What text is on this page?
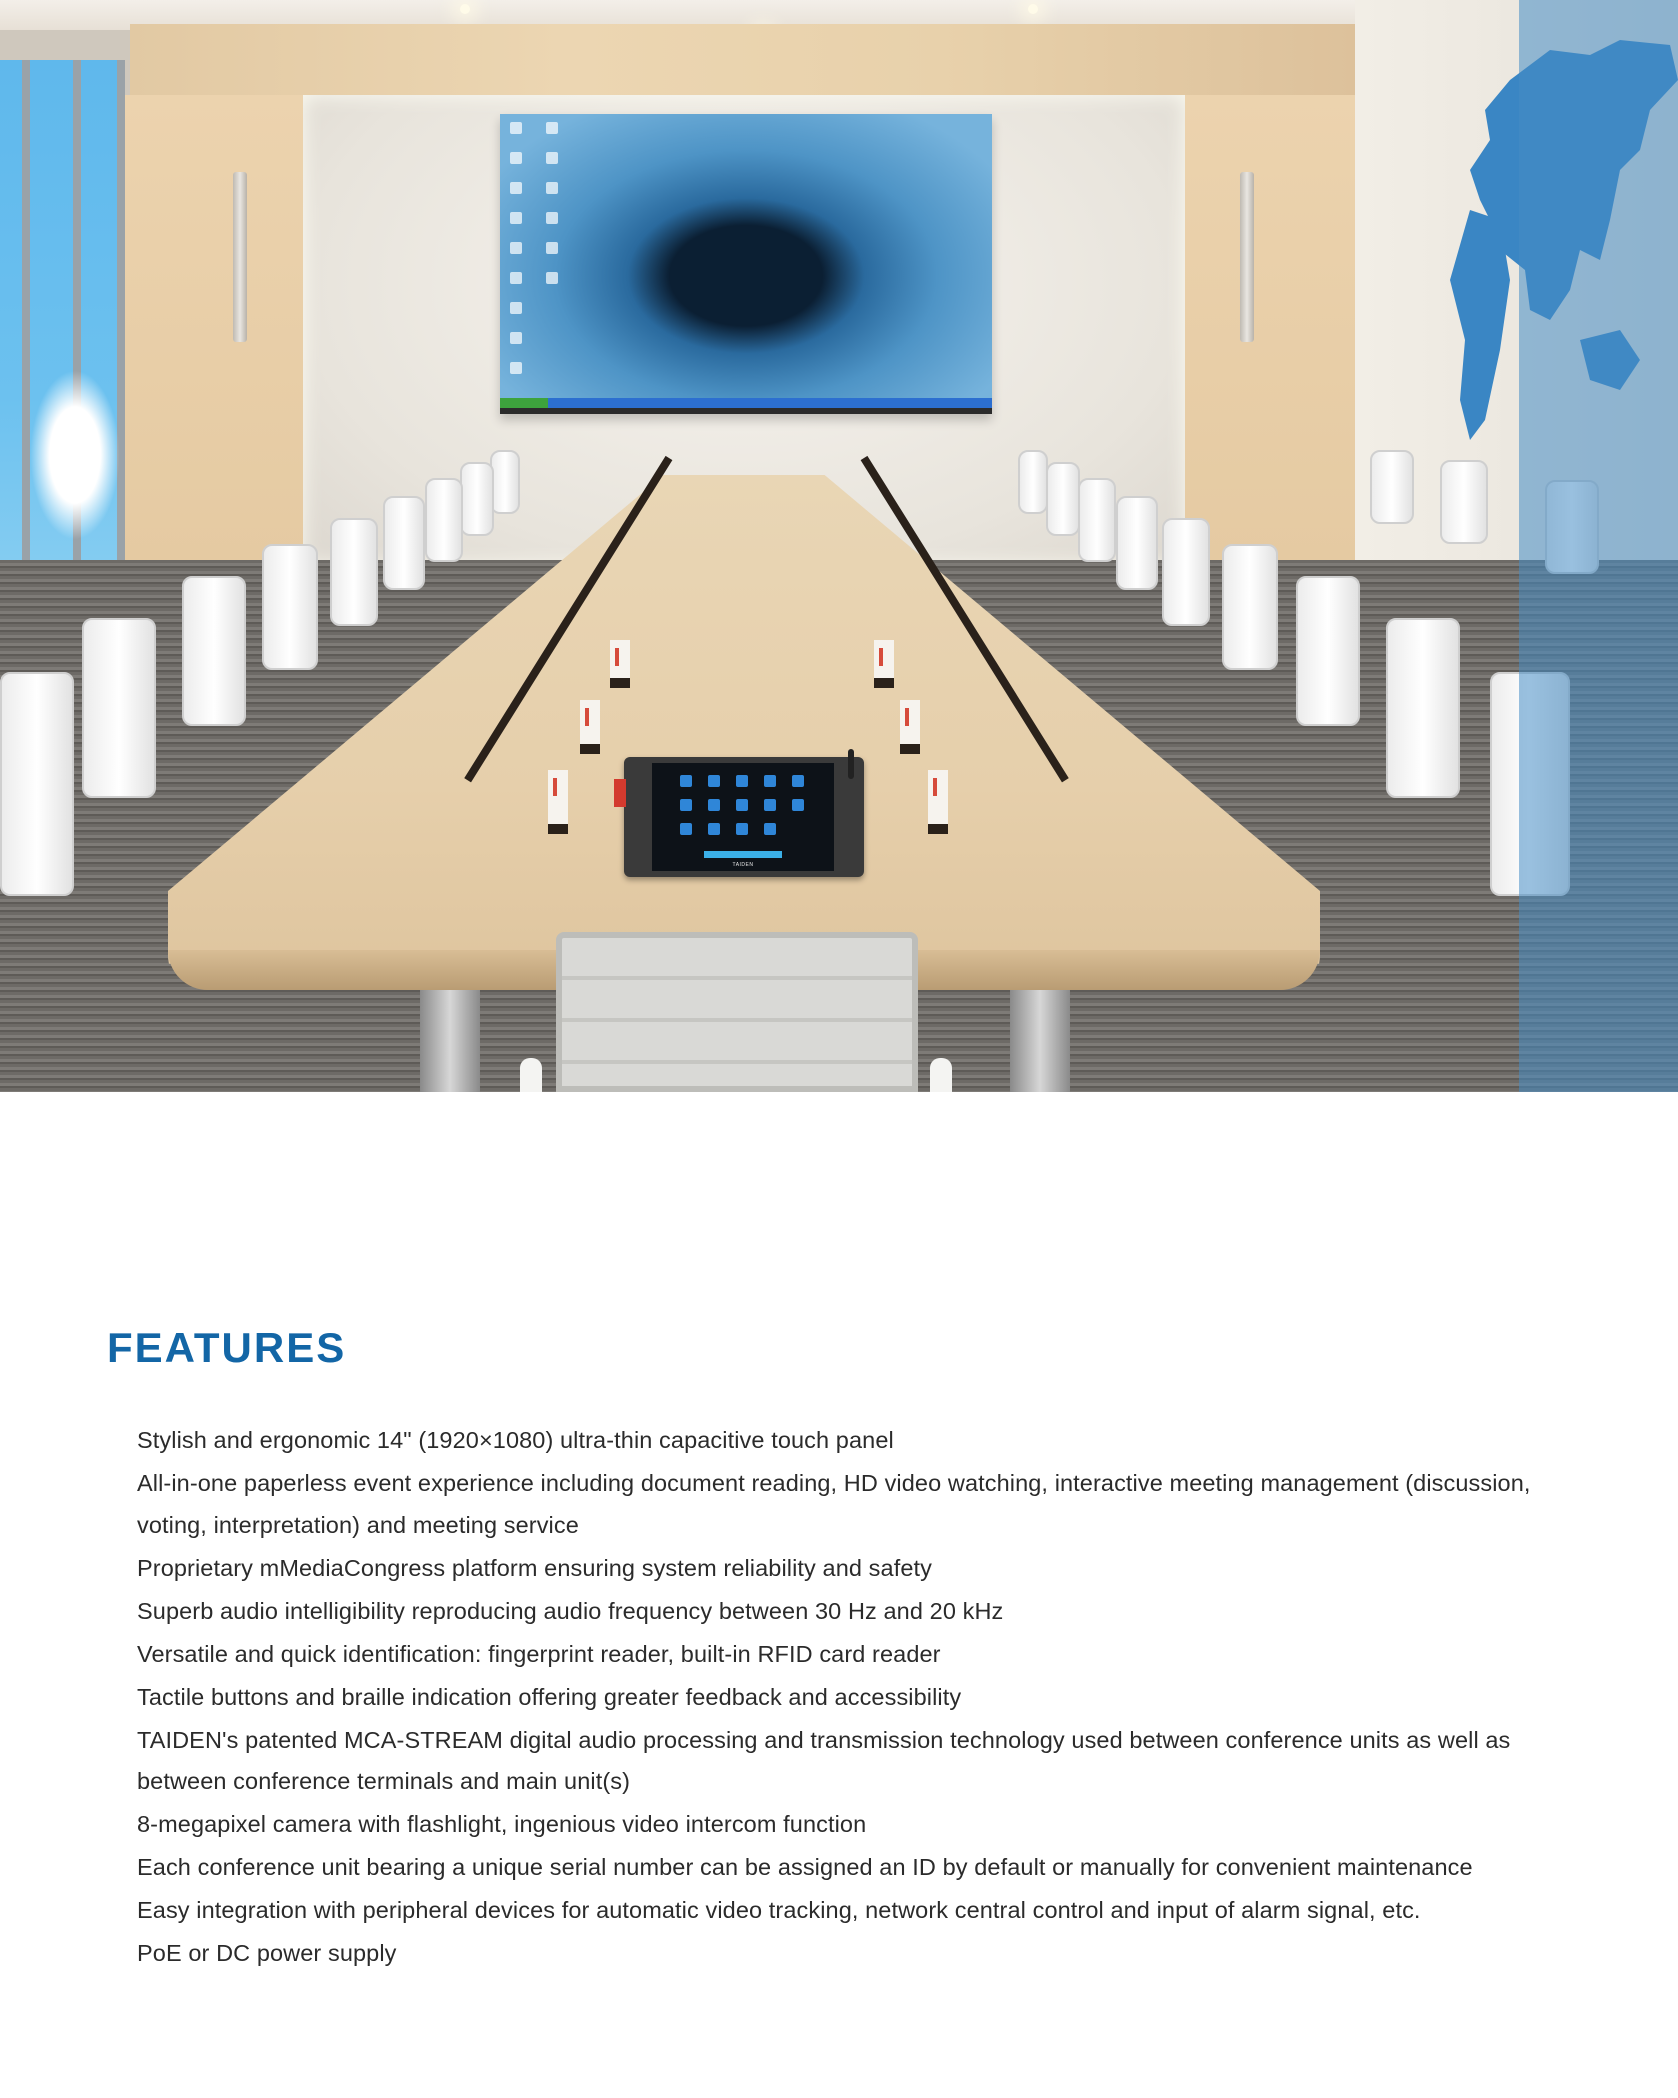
TAIDEN
FEATURES
Stylish and ergonomic 14" (1920×1080) ultra-thin capacitive touch panel
All-in-one paperless event experience including document reading, HD video watching, interactive meeting management (discussion, voting, interpretation) and meeting service
Proprietary mMediaCongress platform ensuring system reliability and safety
Superb audio intelligibility reproducing audio frequency between 30 Hz and 20 kHz
Versatile and quick identification: fingerprint reader, built-in RFID card reader
Tactile buttons and braille indication offering greater feedback and accessibility
TAIDEN's patented MCA-STREAM digital audio processing and transmission technology used between conference units as well as between conference terminals and main unit(s)
8-megapixel camera with flashlight, ingenious video intercom function
Each conference unit bearing a unique serial number can be assigned an ID by default or manually for convenient maintenance
Easy integration with peripheral devices for automatic video tracking, network central control and input of alarm signal, etc.
PoE or DC power supply
